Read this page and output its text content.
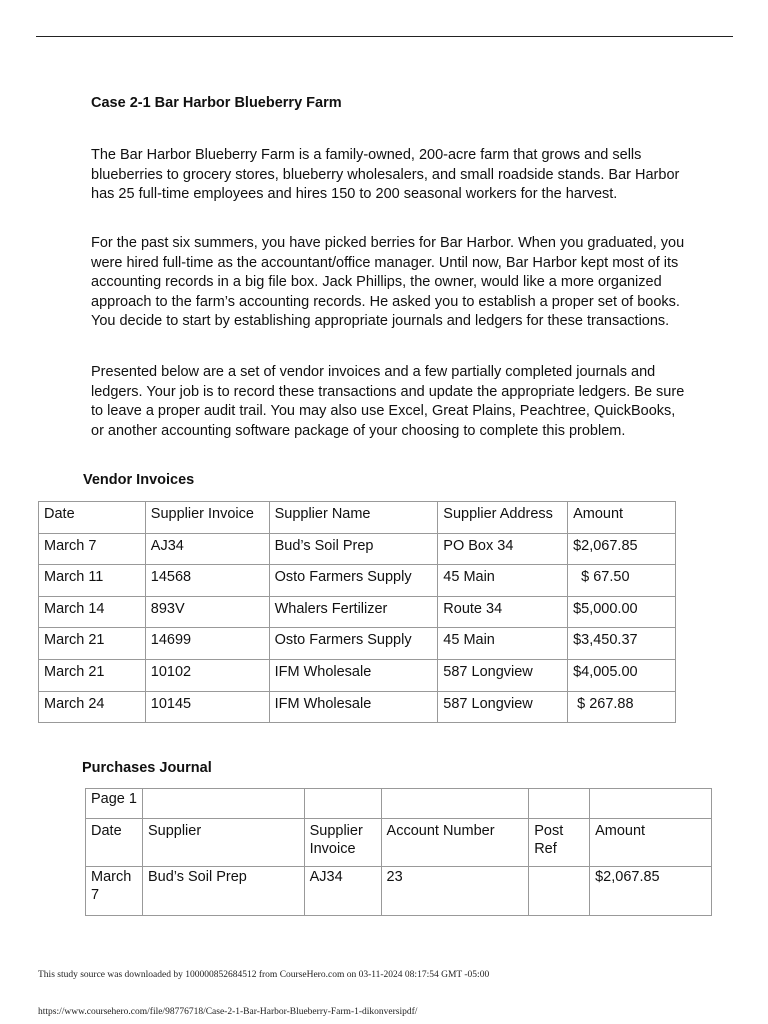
Case 2-1 Bar Harbor Blueberry Farm

The Bar Harbor Blueberry Farm is a family-owned, 200-acre farm that grows and sells blueberries to grocery stores, blueberry wholesalers, and small roadside stands. Bar Harbor has 25 full-time employees and hires 150 to 200 seasonal workers for the harvest.

For the past six summers, you have picked berries for Bar Harbor. When you graduated, you were hired full-time as the accountant/office manager. Until now, Bar Harbor kept most of its accounting records in a big file box. Jack Phillips, the owner, would like a more organized approach to the farm’s accounting records. He asked you to establish a proper set of books. You decide to start by establishing appropriate journals and ledgers for these transactions.

Presented below are a set of vendor invoices and a few partially completed journals and ledgers. Your job is to record these transactions and update the appropriate ledgers. Be sure to leave a proper audit trail. You may also use Excel, Great Plains, Peachtree, QuickBooks, or another accounting software package of your choosing to complete this problem.

Vendor Invoices
Date	Supplier Invoice	Supplier Name	Supplier Address	Amount
March 7	AJ34	Bud’s Soil Prep	PO Box 34	$2,067.85
March 11	14568	Osto Farmers Supply	45 Main	$ 67.50
March 14	893V	Whalers Fertilizer	Route 34	$5,000.00
March 21	14699	Osto Farmers Supply	45 Main	$3,450.37
March 21	10102	IFM Wholesale	587 Longview	$4,005.00
March 24	10145	IFM Wholesale	587 Longview	$ 267.88
Purchases Journal
Page 1					
Date	Supplier	Supplier Invoice	Account Number	Post Ref	Amount
March 7	Bud’s Soil Prep	AJ34	23		$2,067.85

This study source was downloaded by 100000852684512 from CourseHero.com on 03-11-2024 08:17:54 GMT -05:00

https://www.coursehero.com/file/98776718/Case-2-1-Bar-Harbor-Blueberry-Farm-1-dikonversipdf/
